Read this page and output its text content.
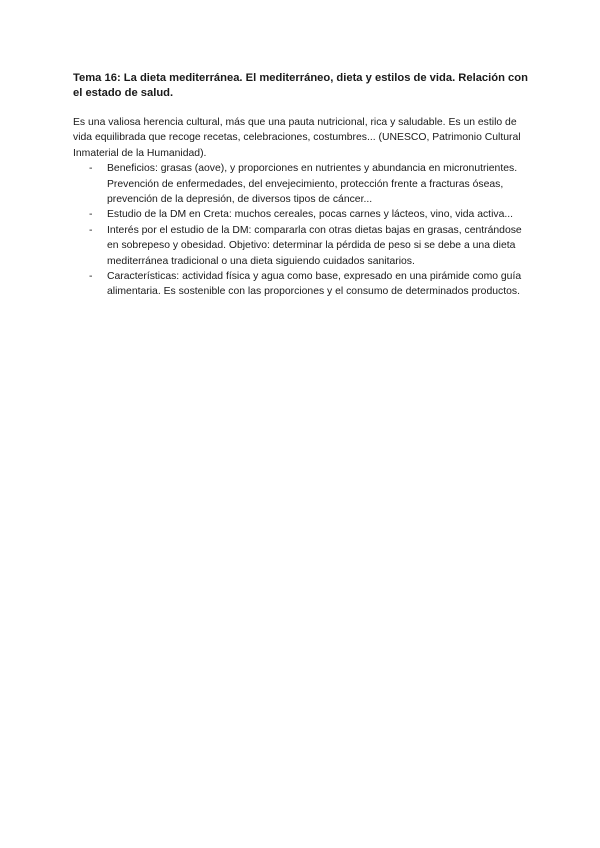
Tema 16: La dieta mediterránea. El mediterráneo, dieta y estilos de vida. Relación con el estado de salud.

Es una valiosa herencia cultural, más que una pauta nutricional, rica y saludable. Es un estilo de vida equilibrada que recoge recetas, celebraciones, costumbres... (UNESCO, Patrimonio Cultural Inmaterial de la Humanidad).

- Beneficios: grasas (aove), y proporciones en nutrientes y abundancia en micronutrientes. Prevención de enfermedades, del envejecimiento, protección frente a fracturas óseas, prevención de la depresión, de diversos tipos de cáncer...
- Estudio de la DM en Creta: muchos cereales, pocas carnes y lácteos, vino, vida activa...
- Interés por el estudio de la DM: compararla con otras dietas bajas en grasas, centrándose en sobrepeso y obesidad. Objetivo: determinar la pérdida de peso si se debe a una dieta mediterránea tradicional o una dieta siguiendo cuidados sanitarios.
- Características: actividad física y agua como base, expresado en una pirámide como guía alimentaria. Es sostenible con las proporciones y el consumo de determinados productos.
